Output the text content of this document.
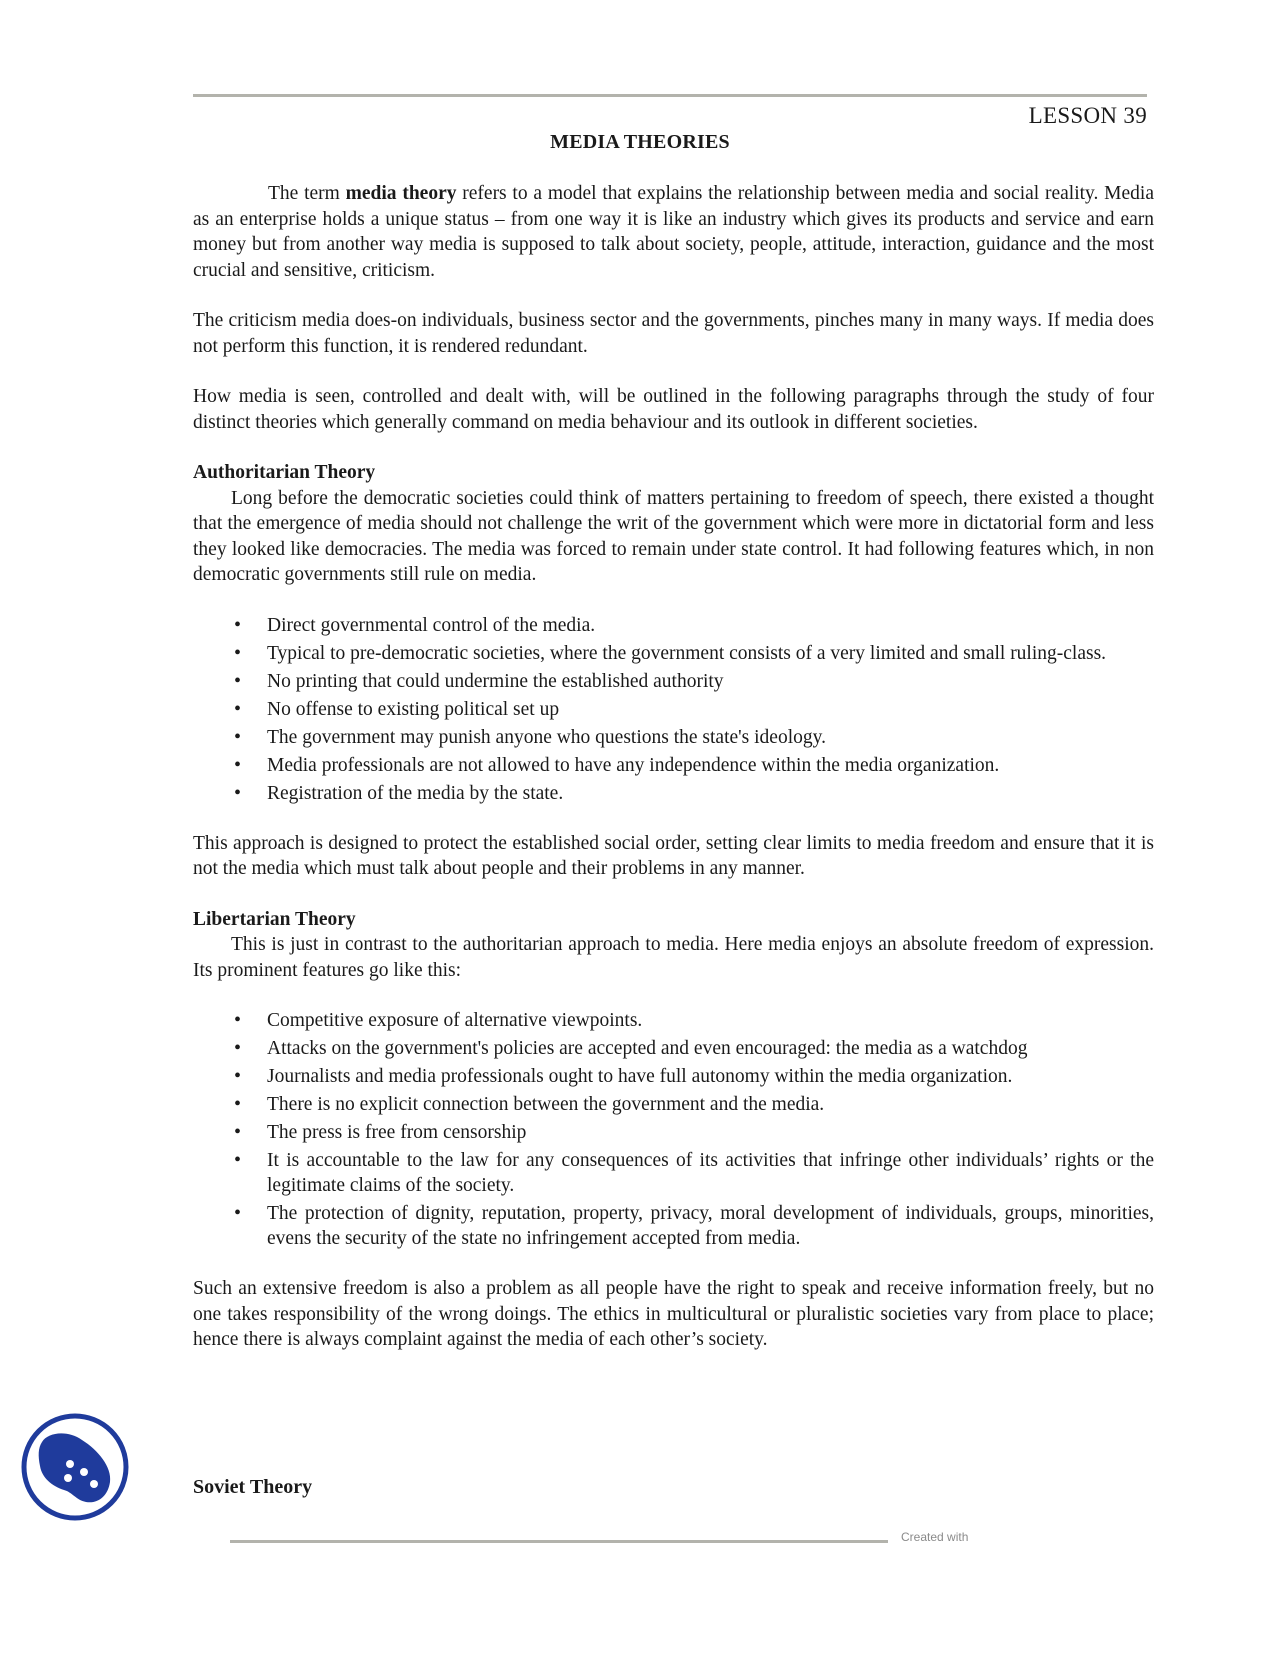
LESSON 39
MEDIA THEORIES

The term media theory refers to a model that explains the relationship between media and social reality. Media as an enterprise holds a unique status – from one way it is like an industry which gives its products and service and earn money but from another way media is supposed to talk about society, people, attitude, interaction, guidance and the most crucial and sensitive, criticism.

The criticism media does-on individuals, business sector and the governments, pinches many in many ways. If media does not perform this function, it is rendered redundant.

How media is seen, controlled and dealt with, will be outlined in the following paragraphs through the study of four distinct theories which generally command on media behaviour and its outlook in different societies.

Authoritarian Theory

Long before the democratic societies could think of matters pertaining to freedom of speech, there existed a thought that the emergence of media should not challenge the writ of the government which were more in dictatorial form and less they looked like democracies. The media was forced to remain under state control. It had following features which, in non democratic governments still rule on media.

• Direct governmental control of the media.
• Typical to pre-democratic societies, where the government consists of a very limited and small ruling-class.
• No printing that could undermine the established authority
• No offense to existing political set up
• The government may punish anyone who questions the state's ideology.
• Media professionals are not allowed to have any independence within the media organization.
• Registration of the media by the state.

This approach is designed to protect the established social order, setting clear limits to media freedom and ensure that it is not the media which must talk about people and their problems in any manner.

Libertarian Theory

This is just in contrast to the authoritarian approach to media. Here media enjoys an absolute freedom of expression. Its prominent features go like this:

• Competitive exposure of alternative viewpoints.
• Attacks on the government's policies are accepted and even encouraged: the media as a watchdog
• Journalists and media professionals ought to have full autonomy within the media organization.
• There is no explicit connection between the government and the media.
• The press is free from censorship
• It is accountable to the law for any consequences of its activities that infringe other individuals’ rights or the legitimate claims of the society.
• The protection of dignity, reputation, property, privacy, moral development of individuals, groups, minorities, evens the security of the state no infringement accepted from media.

Such an extensive freedom is also a problem as all people have the right to speak and receive information freely, but no one takes responsibility of the wrong doings. The ethics in multicultural or pluralistic societies vary from place to place; hence there is always complaint against the media of each other’s society.

Soviet Theory
Created with
